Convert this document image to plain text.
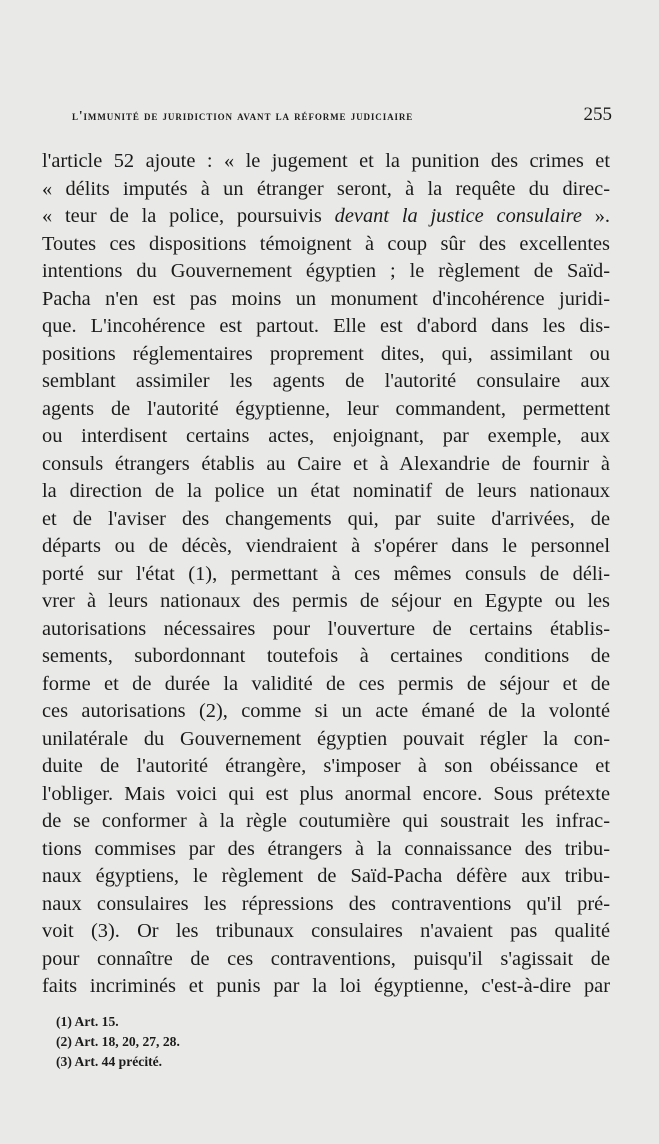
l'immunité de juridiction avant la réforme judiciaire	255
l'article 52 ajoute : « le jugement et la punition des crimes et
« délits imputés à un étranger seront, à la requête du direc-
« teur de la police, poursuivis devant la justice consulaire ».
Toutes ces dispositions témoignent à coup sûr des excellentes
intentions du Gouvernement égyptien ; le règlement de Saïd-
Pacha n'en est pas moins un monument d'incohérence juridi-
que. L'incohérence est partout. Elle est d'abord dans les dis-
positions réglementaires proprement dites, qui, assimilant ou
semblant assimiler les agents de l'autorité consulaire aux
agents de l'autorité égyptienne, leur commandent, permettent
ou interdisent certains actes, enjoignant, par exemple, aux
consuls étrangers établis au Caire et à Alexandrie de fournir à
la direction de la police un état nominatif de leurs nationaux
et de l'aviser des changements qui, par suite d'arrivées, de
départs ou de décès, viendraient à s'opérer dans le personnel
porté sur l'état (1), permettant à ces mêmes consuls de déli-
vrer à leurs nationaux des permis de séjour en Egypte ou les
autorisations nécessaires pour l'ouverture de certains établis-
sements, subordonnant toutefois à certaines conditions de
forme et de durée la validité de ces permis de séjour et de
ces autorisations (2), comme si un acte émané de la volonté
unilatérale du Gouvernement égyptien pouvait régler la con-
duite de l'autorité étrangère, s'imposer à son obéissance et
l'obliger. Mais voici qui est plus anormal encore. Sous prétexte
de se conformer à la règle coutumière qui soustrait les infrac-
tions commises par des étrangers à la connaissance des tribu-
naux égyptiens, le règlement de Saïd-Pacha défère aux tribu-
naux consulaires les répressions des contraventions qu'il pré-
voit (3). Or les tribunaux consulaires n'avaient pas qualité
pour connaître de ces contraventions, puisqu'il s'agissait de
faits incriminés et punis par la loi égyptienne, c'est-à-dire par
(1) Art. 15.
(2) Art. 18, 20, 27, 28.
(3) Art. 44 précité.
